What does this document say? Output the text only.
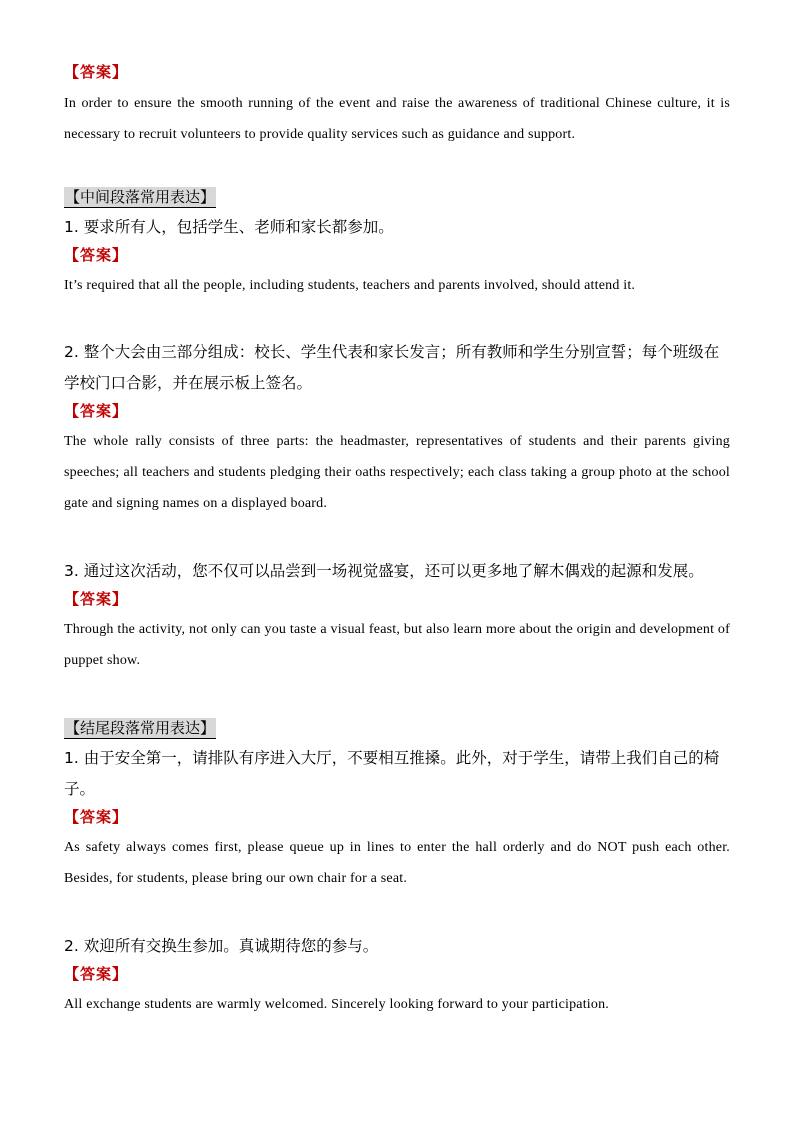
【答案】
In order to ensure the smooth running of the event and raise the awareness of traditional Chinese culture, it is necessary to recruit volunteers to provide quality services such as guidance and support.
【中间段落常用表达】
1. 要求所有人，包括学生、老师和家长都参加。
【答案】
It’s required that all the people, including students, teachers and parents involved, should attend it.
2. 整个大会由三部分组成：校长、学生代表和家长发言；所有教师和学生分别宣誓；每个班级在学校门口合影，并在展示板上签名。
【答案】
The whole rally consists of three parts: the headmaster, representatives of students and their parents giving speeches; all teachers and students pledging their oaths respectively; each class taking a group photo at the school gate and signing names on a displayed board.
3. 通过这次活动，您不仅可以品尝到一场视觉盛宴，还可以更多地了解木偶戏的起源和发展。
【答案】
Through the activity, not only can you taste a visual feast, but also learn more about the origin and development of puppet show.
【结尾段落常用表达】
1. 由于安全第一，请排队有序进入大厅，不要相互推搡。此外，对于学生，请带上我们自己的椅子。
【答案】
As safety always comes first, please queue up in lines to enter the hall orderly and do NOT push each other. Besides, for students, please bring our own chair for a seat.
2. 欢迎所有交换生参加。真诚期待您的参与。
【答案】
All exchange students are warmly welcomed. Sincerely looking forward to your participation.
